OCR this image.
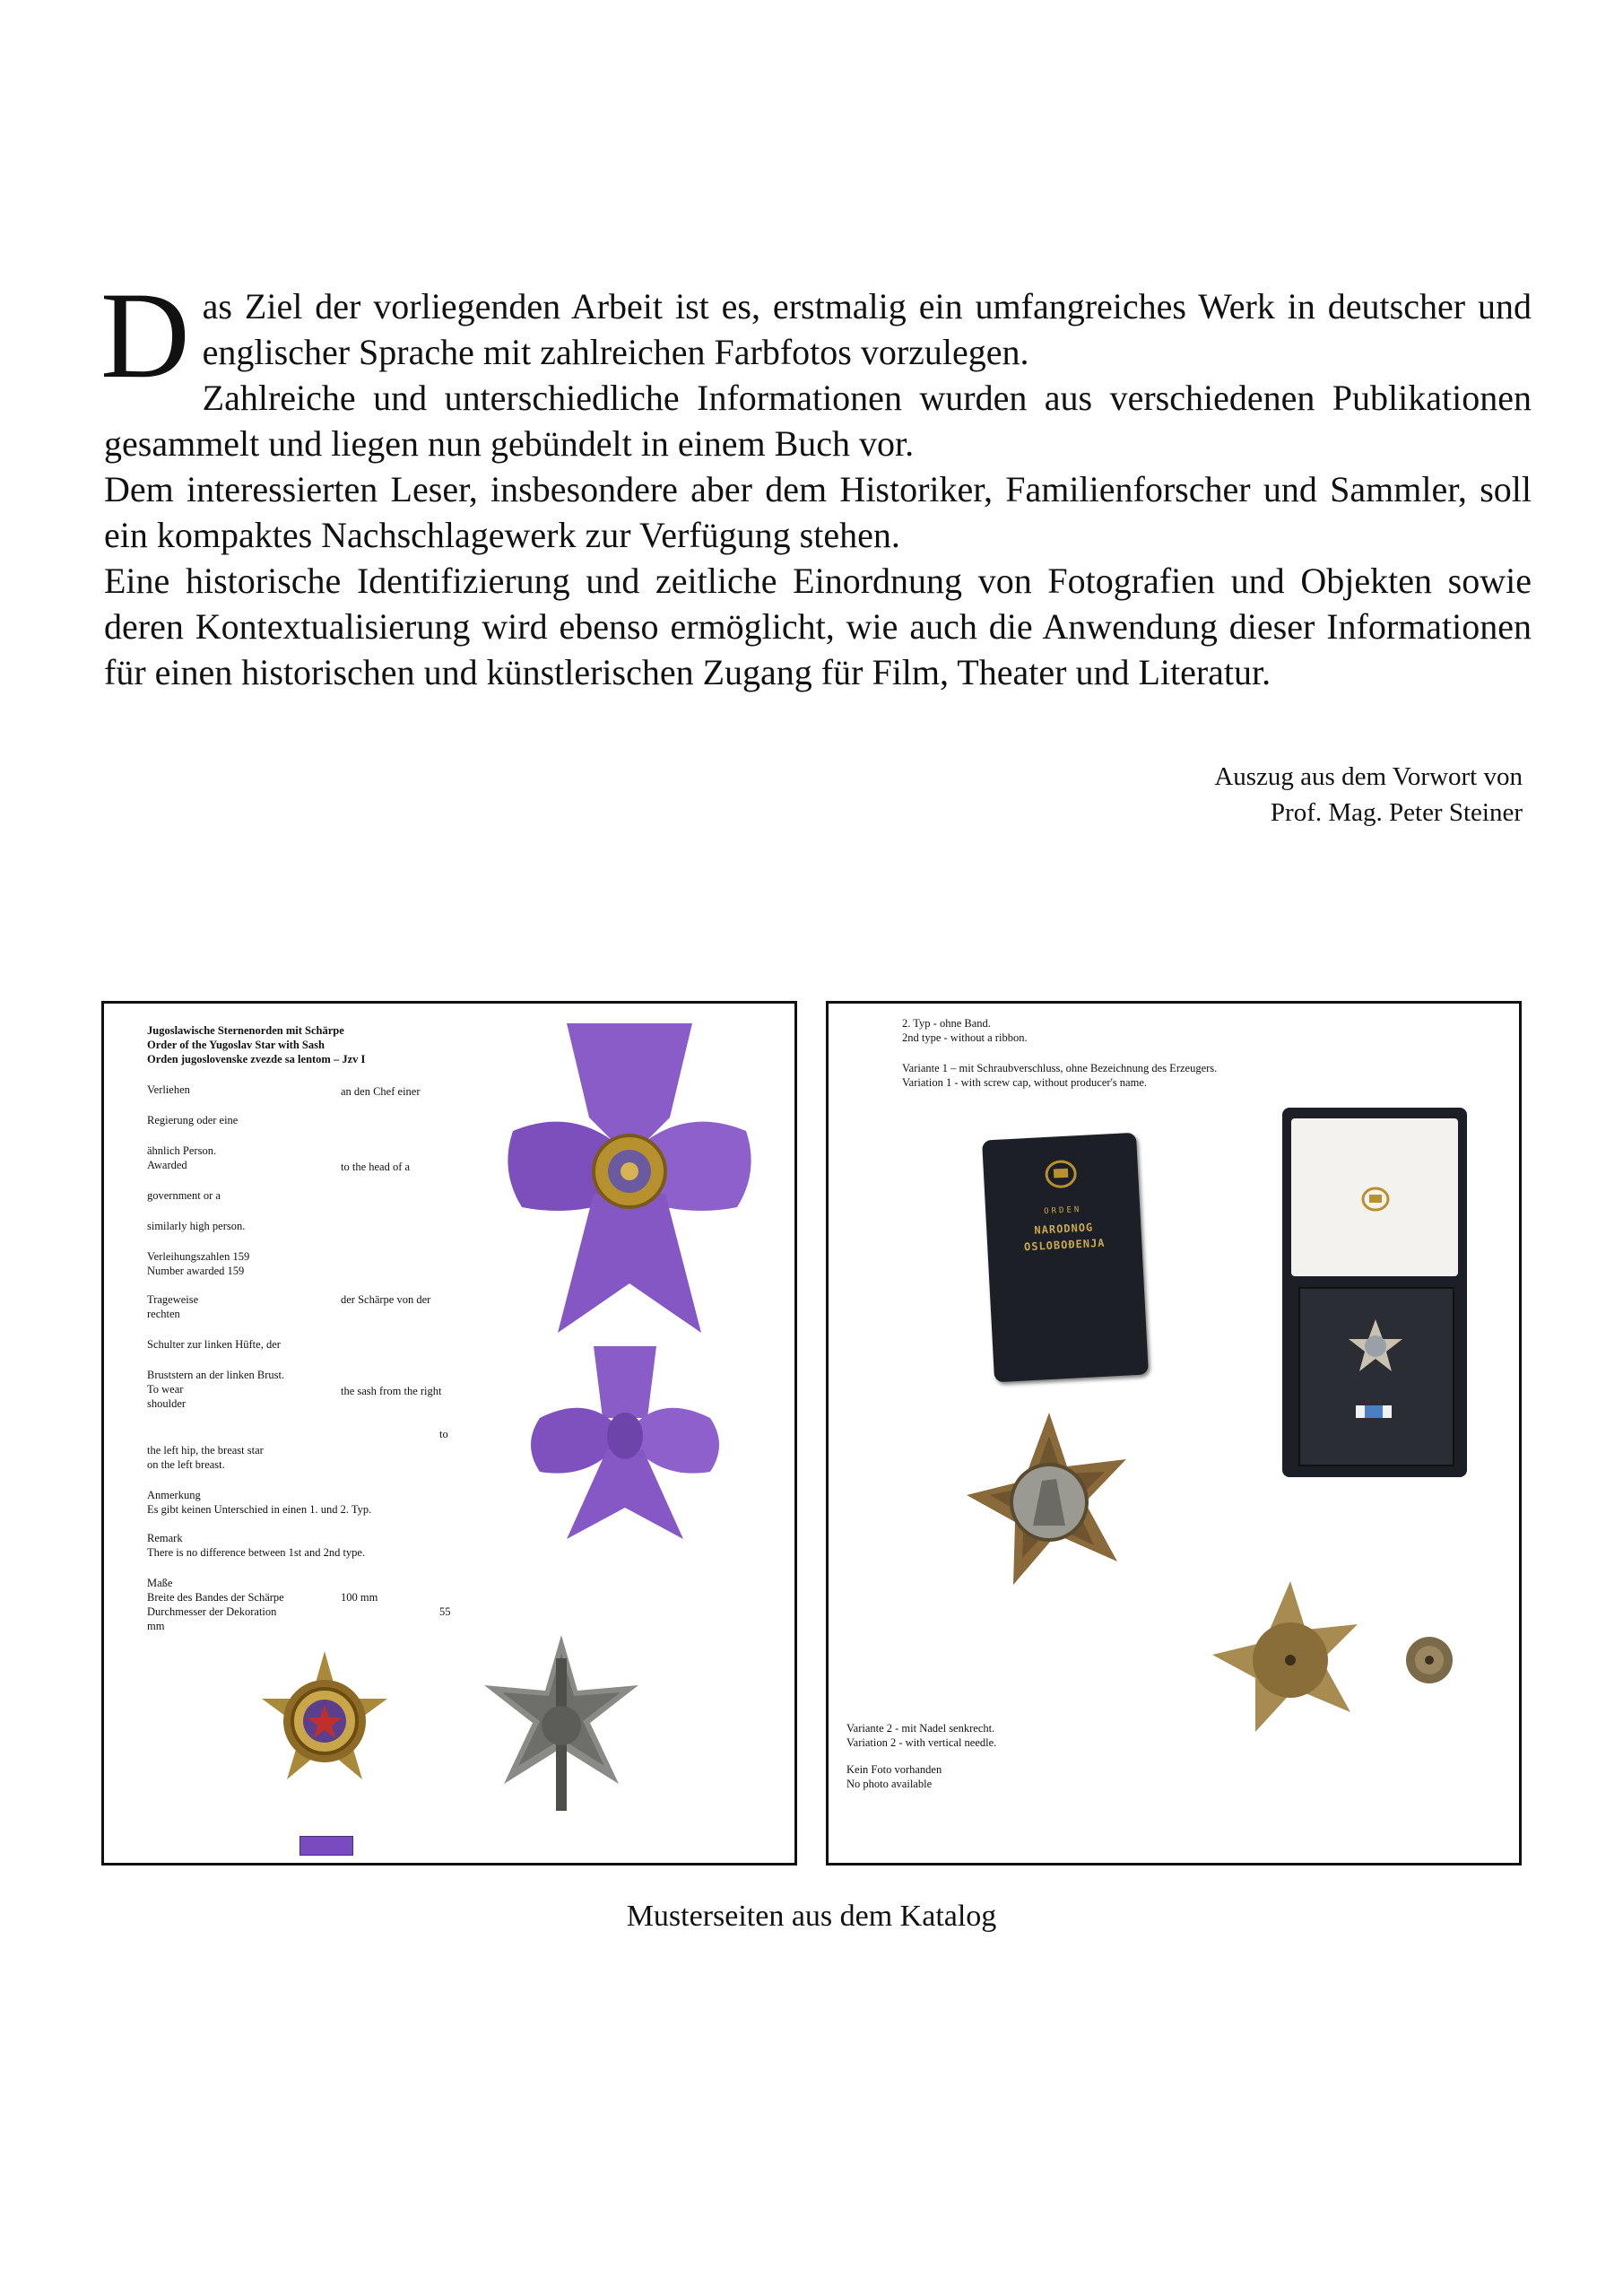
Das Ziel der vorliegenden Arbeit ist es, erstmalig ein umfangreiches Werk in deutscher und englischer Sprache mit zahlreichen Farbfotos vorzulegen.

Zahlreiche und unterschiedliche Informationen wurden aus verschiedenen Publikationen gesammelt und liegen nun gebündelt in einem Buch vor.

Dem interessierten Leser, insbesondere aber dem Historiker, Familienforscher und Sammler, soll ein kompaktes Nachschlagewerk zur Verfügung stehen.

Eine historische Identifizierung und zeitliche Einordnung von Fotografien und Objekten sowie deren Kontextualisierung wird ebenso ermöglicht, wie auch die Anwendung dieser Informationen für einen historischen und künstlerischen Zugang für Film, Theater und Literatur.

Auszug aus dem Vorwort von
Prof. Mag. Peter Steiner
Jugoslawische Sternenorden mit Schärpe
Order of the Yugoslav Star with Sash
Orden jugoslovenske zvezde sa lentom – Jzv I
Verliehen	an den Chef einer
Regierung oder eine
ähnlich Person.
Awarded	to the head of a
government or a
similarly high person.
Verleihungszahlen 159
Number awarded 159
Trageweise	der Schärpe von der
rechten
Schulter zur linken Hüfte, der
Bruststern an der linken Brust.
To wear	the sash from the right
shoulder
to
the left hip, the breast star
on the left breast.
Anmerkung
Es gibt keinen Unterschied in einen 1. und 2. Typ.
Remark
There is no difference between 1st and 2nd type.
Maße
Breite des Bandes der Schärpe	100 mm
Durchmesser der Dekoration	55
mm
2. Typ - ohne Band.
2nd type - without a ribbon.
Variante 1 – mit Schraubverschluss, ohne Bezeichnung des Erzeugers.
Variation 1 - with screw cap, without producer's name.
ORDEN
NARODNOG
OSLOBOĐENJA
Variante 2 - mit Nadel senkrecht.
Variation 2 - with vertical needle.
Kein Foto vorhanden
No photo available
Musterseiten aus dem Katalog
